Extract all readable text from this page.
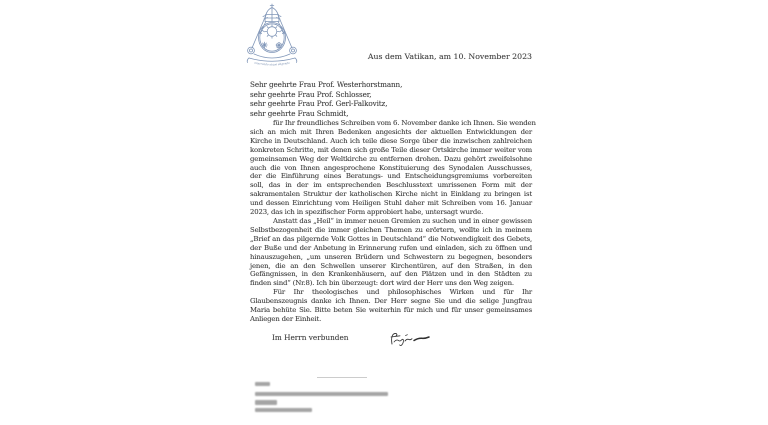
miserando atque eligendo
Aus dem Vatikan, am 10. November 2023
Sehr geehrte Frau Prof. Westerhorstmann,
sehr geehrte Frau Prof. Schlosser,
sehr geehrte Frau Prof. Gerl-Falkovitz,
sehr geehrte Frau Schmidt,
für Ihr freundliches Schreiben vom 6. November danke ich Ihnen. Sie wenden
sich an mich mit Ihren Bedenken angesichts der aktuellen Entwicklungen der
Kirche in Deutschland. Auch ich teile diese Sorge über die inzwischen zahlreichen
konkreten Schritte, mit denen sich große Teile dieser Ortskirche immer weiter vom
gemeinsamen Weg der Weltkirche zu entfernen drohen. Dazu gehört zweifelsohne
auch die von Ihnen angesprochene Konstituierung des Synodalen Ausschusses,
der die Einführung eines Beratungs- und Entscheidungsgremiums vorbereiten
soll, das in der im entsprechenden Beschlusstext umrissenen Form mit der
sakramentalen Struktur der katholischen Kirche nicht in Einklang zu bringen ist
und dessen Einrichtung vom Heiligen Stuhl daher mit Schreiben vom 16. Januar
2023, das ich in spezifischer Form approbiert habe, untersagt wurde.
Anstatt das „Heil“ in immer neuen Gremien zu suchen und in einer gewissen
Selbstbezogenheit die immer gleichen Themen zu erörtern, wollte ich in meinem
„Brief an das pilgernde Volk Gottes in Deutschland“ die Notwendigkeit des Gebets,
der Buße und der Anbetung in Erinnerung rufen und einladen, sich zu öffnen und
hinauszugehen, „um unseren Brüdern und Schwestern zu begegnen, besonders
jenen, die an den Schwellen unserer Kirchentüren, auf den Straßen, in den
Gefängnissen, in den Krankenhäusern, auf den Plätzen und in den Städten zu
finden sind“ (Nr.8). Ich bin überzeugt: dort wird der Herr uns den Weg zeigen.
Für Ihr theologisches und philosophisches Wirken und für Ihr
Glaubenszeugnis danke ich Ihnen. Der Herr segne Sie und die selige Jungfrau
Maria behüte Sie. Bitte beten Sie weiterhin für mich und für unser gemeinsames
Anliegen der Einheit.
Im Herrn verbunden
